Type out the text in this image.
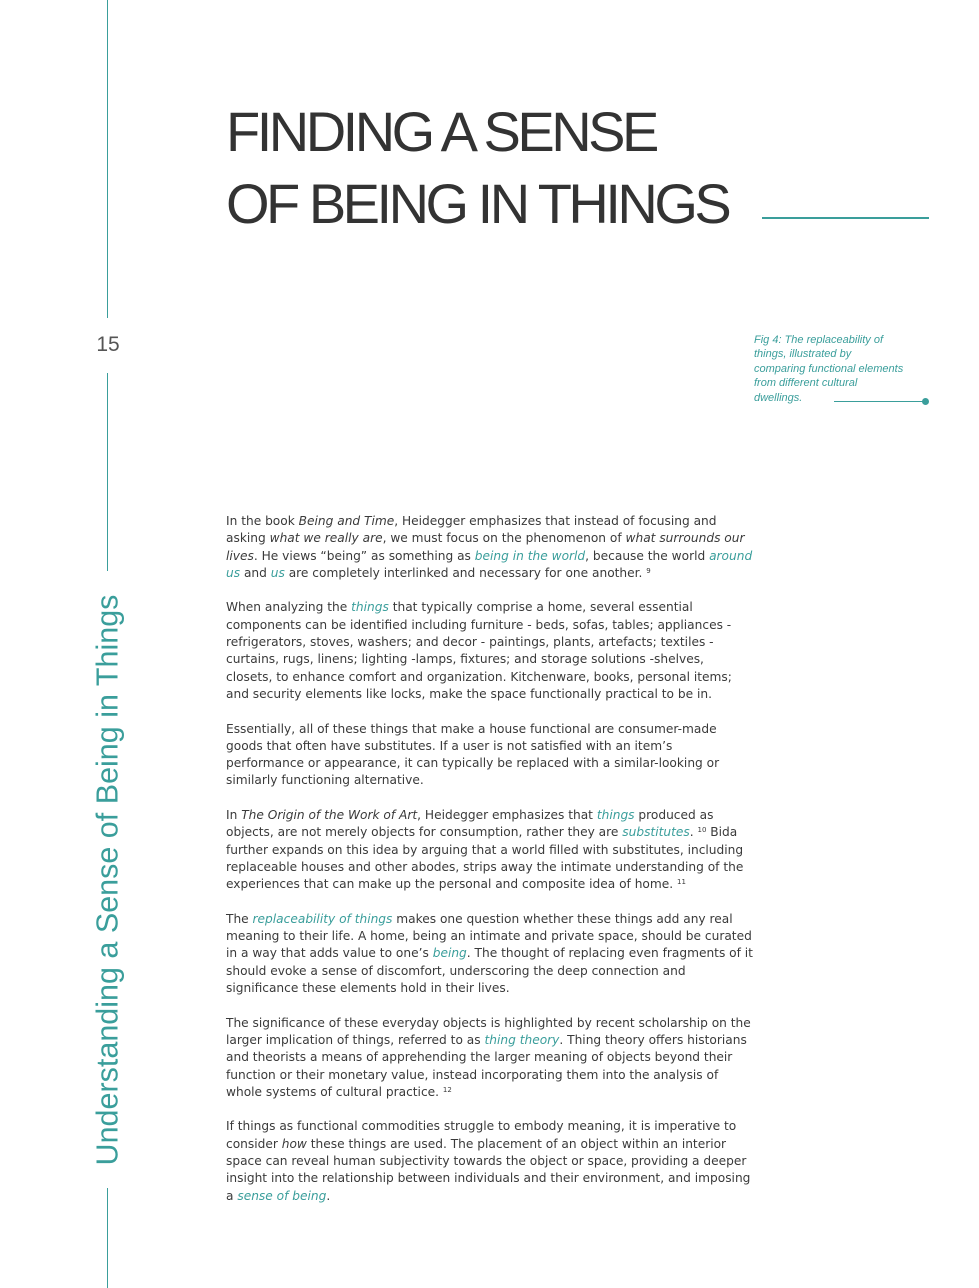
15
Understanding a Sense of Being in Things
FINDING A SENSE
OF BEING IN THINGS
Fig 4: The replaceability of things, illustrated by comparing functional elements from different cultural dwellings.

In the book Being and Time, Heidegger emphasizes that instead of focusing and asking what we really are, we must focus on the phenomenon of what surrounds our lives. He views “being” as something as being in the world, because the world around us and us are completely interlinked and necessary for one another. $^9$

When analyzing the things that typically comprise a home, several essential components can be identified including furniture - beds, sofas, tables; appliances - refrigerators, stoves, washers; and decor - paintings, plants, artefacts; textiles - curtains, rugs, linens; lighting -lamps, fixtures; and storage solutions -shelves, closets, to enhance comfort and organization. Kitchenware, books, personal items; and security elements like locks, make the space functionally practical to be in.

Essentially, all of these things that make a house functional are consumer-made goods that often have substitutes. If a user is not satisfied with an item’s performance or appearance, it can typically be replaced with a similar-looking or similarly functioning alternative.

In The Origin of the Work of Art, Heidegger emphasizes that things produced as objects, are not merely objects for consumption, rather they are substitutes. $^{10}$ Bida further expands on this idea by arguing that a world filled with substitutes, including replaceable houses and other abodes, strips away the intimate understanding of the experiences that can make up the personal and composite idea of home. $^{11}$

The replaceability of things makes one question whether these things add any real meaning to their life. A home, being an intimate and private space, should be curated in a way that adds value to one’s being. The thought of replacing even fragments of it should evoke a sense of discomfort, underscoring the deep connection and significance these elements hold in their lives.

The significance of these everyday objects is highlighted by recent scholarship on the larger implication of things, referred to as thing theory. Thing theory offers historians and theorists a means of apprehending the larger meaning of objects beyond their function or their monetary value, instead incorporating them into the analysis of whole systems of cultural practice. $^{12}$

If things as functional commodities struggle to embody meaning, it is imperative to consider how these things are used. The placement of an object within an interior space can reveal human subjectivity towards the object or space, providing a deeper insight into the relationship between individuals and their environment, and imposing a sense of being.
